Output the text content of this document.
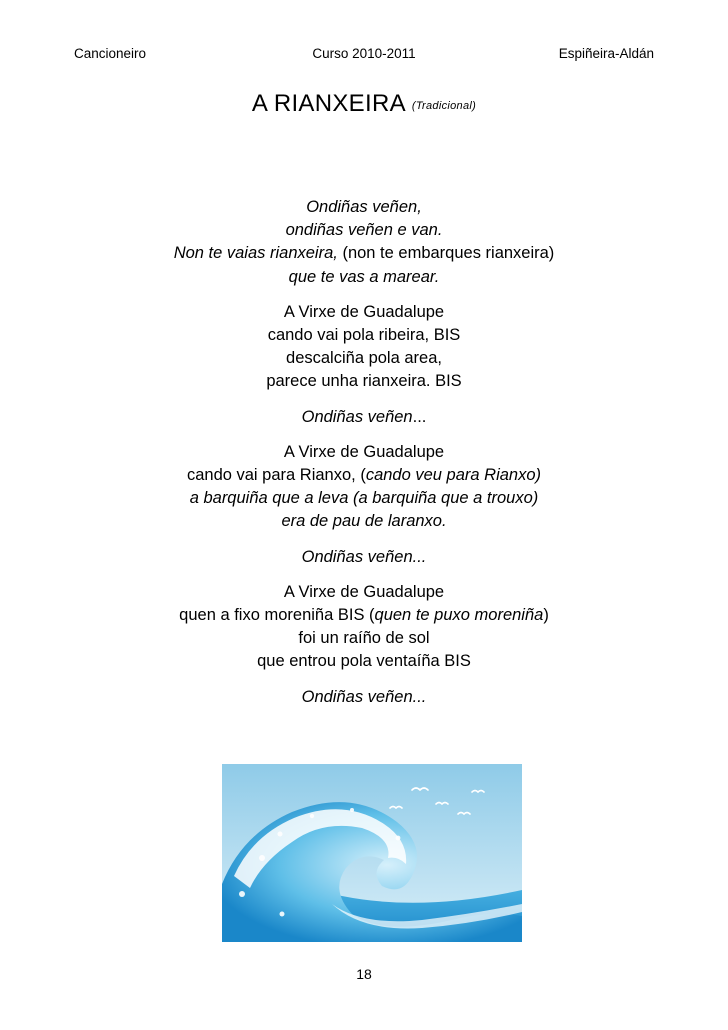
Cancioneiro	Curso 2010-2011	Espiñeira-Aldán
A RIANXEIRA (Tradicional)
Ondiñas veñen,
ondiñas veñen e van.
Non te vaias rianxeira, (non te embarques rianxeira)
que te vas a marear.
A Virxe de Guadalupe
cando vai pola ribeira, BIS
descalciña pola area,
parece unha rianxeira. BIS
Ondiñas veñen...
A Virxe de Guadalupe
cando vai para Rianxo, (cando veu para Rianxo)
a barquiña que a leva (a barquiña que a trouxo)
era de pau de laranxo.
Ondiñas veñen...
A Virxe de Guadalupe
quen a fixo moreniña BIS (quen te puxo moreniña)
foi un raíño de sol
que entrou pola ventaíña BIS
Ondiñas veñen...
18
